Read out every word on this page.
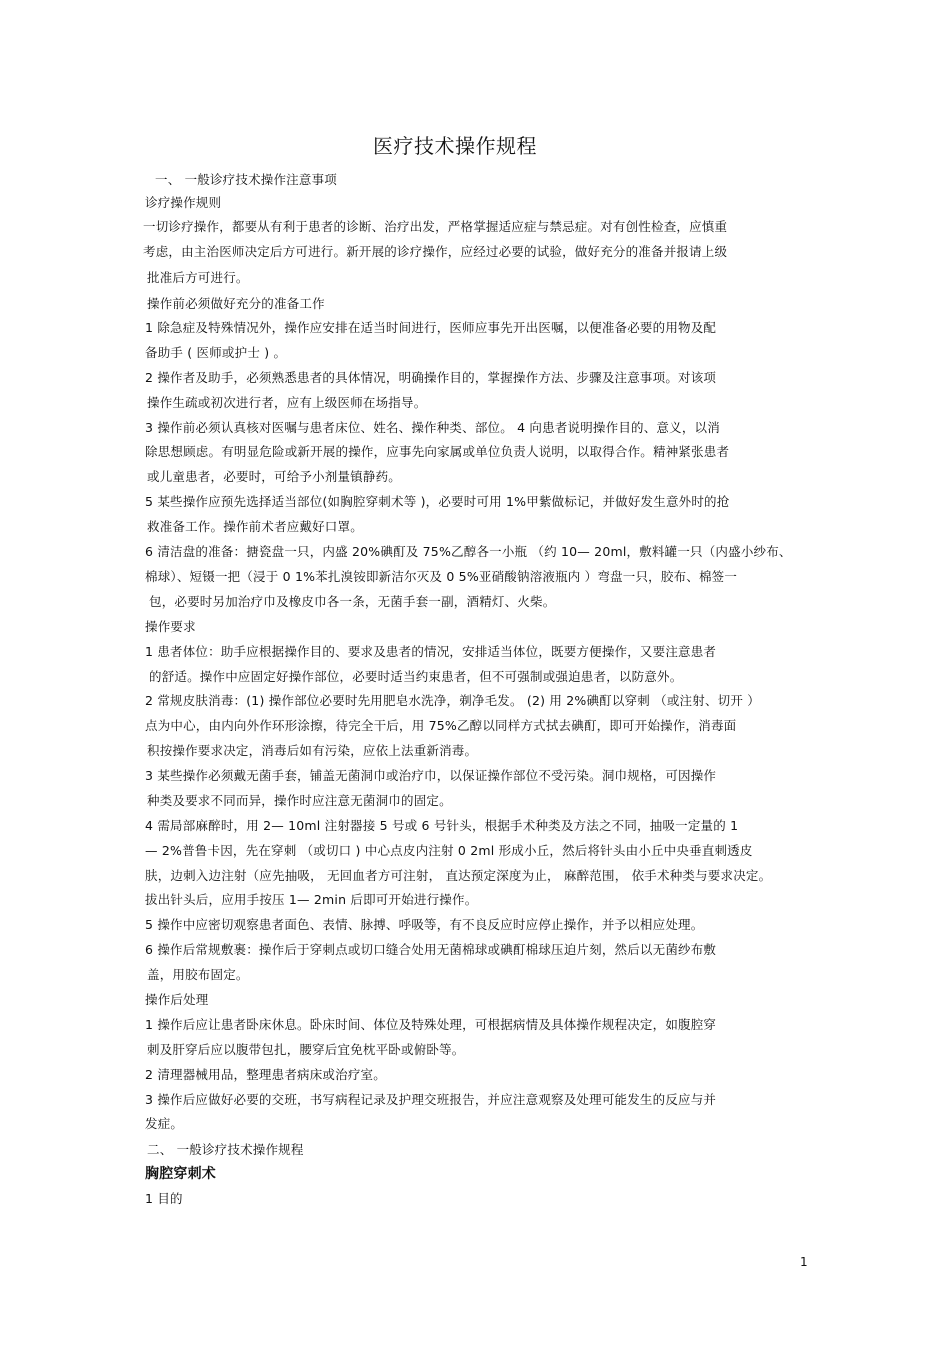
医疗技术操作规程
一、 一般诊疗技术操作注意事项
诊疗操作规则
一切诊疗操作，都要从有利于患者的诊断、治疗出发，严格掌握适应症与禁忌症。对有创性检查，应慎重
考虑，由主治医师决定后方可进行。新开展的诊疗操作，应经过必要的试验，做好充分的准备并报请上级
批准后方可进行。
操作前必须做好充分的准备工作
1 除急症及特殊情况外，操作应安排在适当时间进行，医师应事先开出医嘱，以便准备必要的用物及配
备助手 ( 医师或护士 ) 。
2 操作者及助手，必须熟悉患者的具体情况，明确操作目的，掌握操作方法、步骤及注意事项。对该项
操作生疏或初次进行者，应有上级医师在场指导。
3 操作前必须认真核对医嘱与患者床位、姓名、操作种类、部位。 4 向患者说明操作目的、意义，以消
除思想顾虑。有明显危险或新开展的操作，应事先向家属或单位负责人说明，以取得合作。精神紧张患者
或儿童患者，必要时，可给予小剂量镇静药。
5 某些操作应预先选择适当部位(如胸腔穿刺术等 )，必要时可用 1%甲紫做标记，并做好发生意外时的抢
救准备工作。操作前术者应戴好口罩。
6 清洁盘的准备：搪瓷盘一只，内盛 20%碘酊及 75%乙醇各一小瓶 （约 10— 20ml，敷料罐一只（内盛小纱布、
棉球）、短镊一把（浸于 0 1%苯扎溴铵即新洁尔灭及 0 5%亚硝酸钠溶液瓶内 ）弯盘一只，胶布、棉签一
包，必要时另加治疗巾及橡皮巾各一条，无菌手套一副，酒精灯、火柴。
操作要求
1 患者体位：助手应根据操作目的、要求及患者的情况，安排适当体位，既要方便操作，又要注意患者
的舒适。操作中应固定好操作部位，必要时适当约束患者，但不可强制或强迫患者，以防意外。
2 常规皮肤消毒：(1) 操作部位必要时先用肥皂水洗净，剃净毛发。 (2) 用 2%碘酊以穿刺 （或注射、切开 ）
点为中心，由内向外作环形涂擦，待完全干后，用 75%乙醇以同样方式拭去碘酊，即可开始操作，消毒面
积按操作要求决定，消毒后如有污染，应依上法重新消毒。
3 某些操作必须戴无菌手套，铺盖无菌洞巾或治疗巾，以保证操作部位不受污染。洞巾规格，可因操作
种类及要求不同而异，操作时应注意无菌洞巾的固定。
4 需局部麻醉时，用 2— 10ml 注射器接 5 号或 6 号针头，根据手术种类及方法之不同，抽吸一定量的 1
— 2%普鲁卡因，先在穿刺 （或切口 ) 中心点皮内注射 0 2ml 形成小丘，然后将针头由小丘中央垂直刺透皮
肤，边刺入边注射（应先抽吸， 无回血者方可注射， 直达预定深度为止， 麻醉范围， 依手术种类与要求决定。
拔出针头后，应用手按压 1— 2min 后即可开始进行操作。
5 操作中应密切观察患者面色、表情、脉搏、呼吸等，有不良反应时应停止操作，并予以相应处理。
6 操作后常规敷裹：操作后于穿刺点或切口缝合处用无菌棉球或碘酊棉球压迫片刻，然后以无菌纱布敷
盖，用胶布固定。
操作后处理
1 操作后应让患者卧床休息。卧床时间、体位及特殊处理，可根据病情及具体操作规程决定，如腹腔穿
刺及肝穿后应以腹带包扎，腰穿后宜免枕平卧或俯卧等。
2 清理器械用品，整理患者病床或治疗室。
3 操作后应做好必要的交班，书写病程记录及护理交班报告，并应注意观察及处理可能发生的反应与并
发症。
二、 一般诊疗技术操作规程
胸腔穿刺术
1 目的
1
